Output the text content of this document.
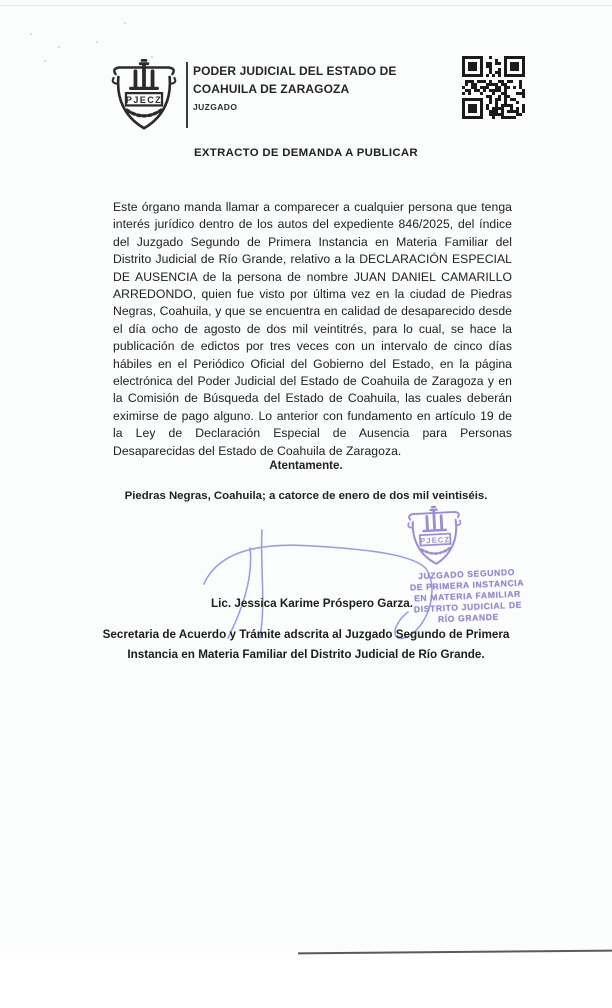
PJECZ
PODER JUDICIAL DEL ESTADO DE
COAHUILA DE ZARAGOZA
JUZGADO
EXTRACTO DE DEMANDA A PUBLICAR
Este órgano manda llamar a comparecer a cualquier persona que tenga interés jurídico dentro de los autos del expediente 846/2025, del índice del Juzgado Segundo de Primera Instancia en Materia Familiar del Distrito Judicial de Río Grande, relativo a la DECLARACIÓN ESPECIAL DE AUSENCIA de la persona de nombre JUAN DANIEL CAMARILLO ARREDONDO, quien fue visto por última vez en la ciudad de Piedras Negras, Coahuila, y que se encuentra en calidad de desaparecido desde el día ocho de agosto de dos mil veintitrés, para lo cual, se hace la publicación de edictos por tres veces con un intervalo de cinco días hábiles en el Periódico Oficial del Gobierno del Estado, en la página electrónica del Poder Judicial del Estado de Coahuila de Zaragoza y en la Comisión de Búsqueda del Estado de Coahuila, las cuales deberán eximirse de pago alguno. Lo anterior con fundamento en artículo 19 de la Ley de Declaración Especial de Ausencia para Personas Desaparecidas del Estado de Coahuila de Zaragoza.
Atentamente.
Piedras Negras, Coahuila; a catorce de enero de dos mil veintiséis.
PJECZ
JUZGADO SEGUNDO
DE PRIMERA INSTANCIA
EN MATERIA FAMILIAR
DISTRITO JUDICIAL DE
RÍO GRANDE
Lic. Jessica Karime Próspero Garza.
Secretaria de Acuerdo y Trámite adscrita al Juzgado Segundo de Primera Instancia en Materia Familiar del Distrito Judicial de Río Grande.
